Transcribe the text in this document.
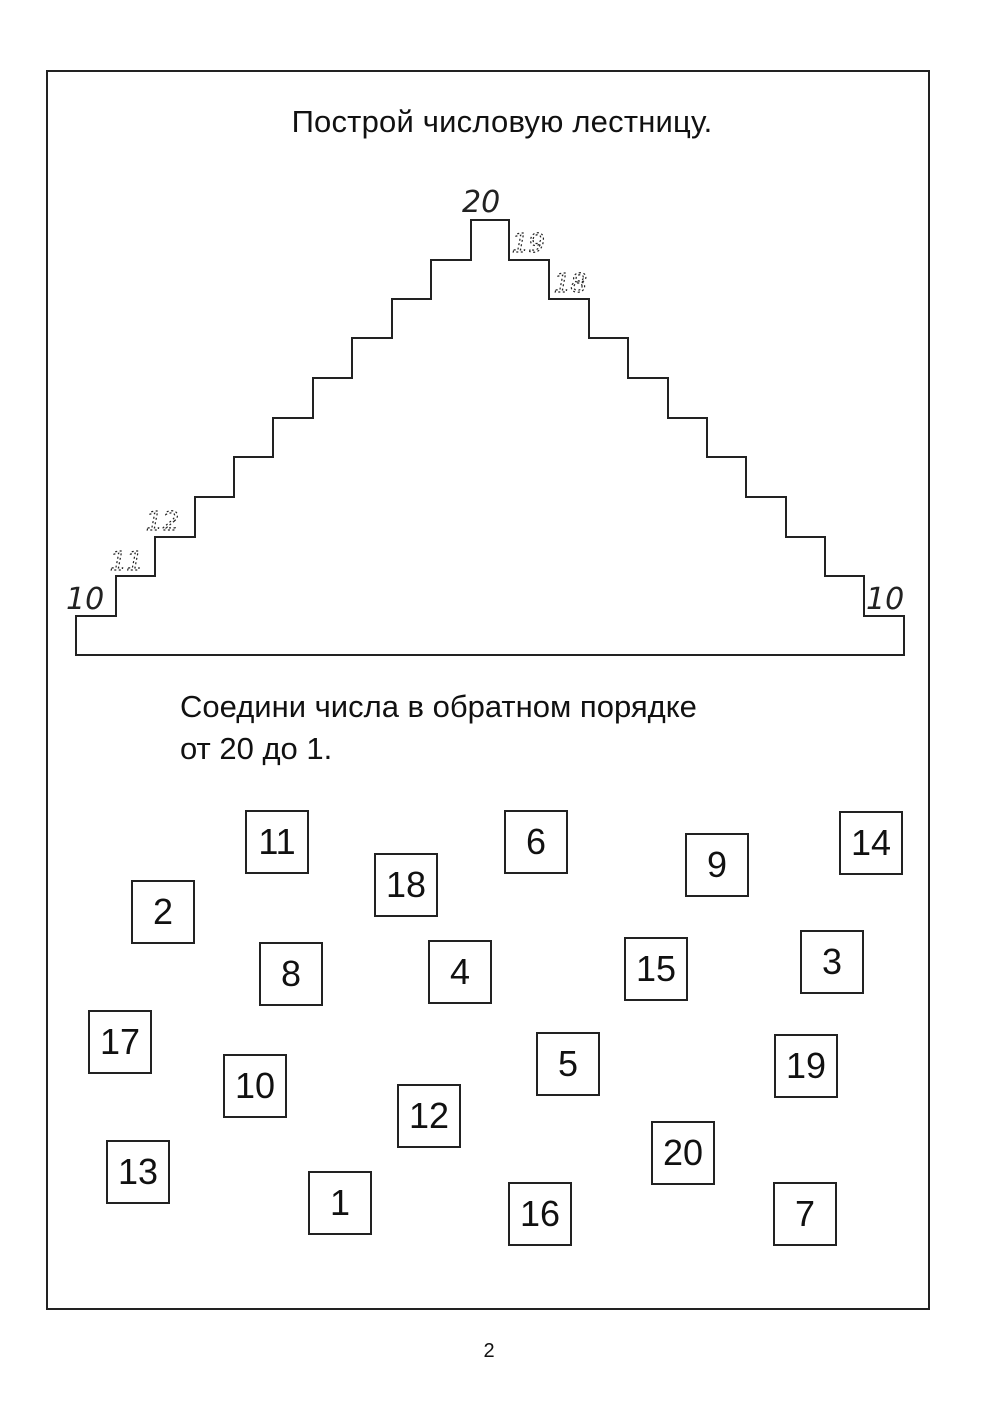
Построй числовую лестницу.
20
10
11
12
19
18
10
Соедини числа в обратном порядке
от 20 до 1.
11
18
6
9
14
2
8	4	15	3
17
10
5	19
12
13	20
1	16	7
2
